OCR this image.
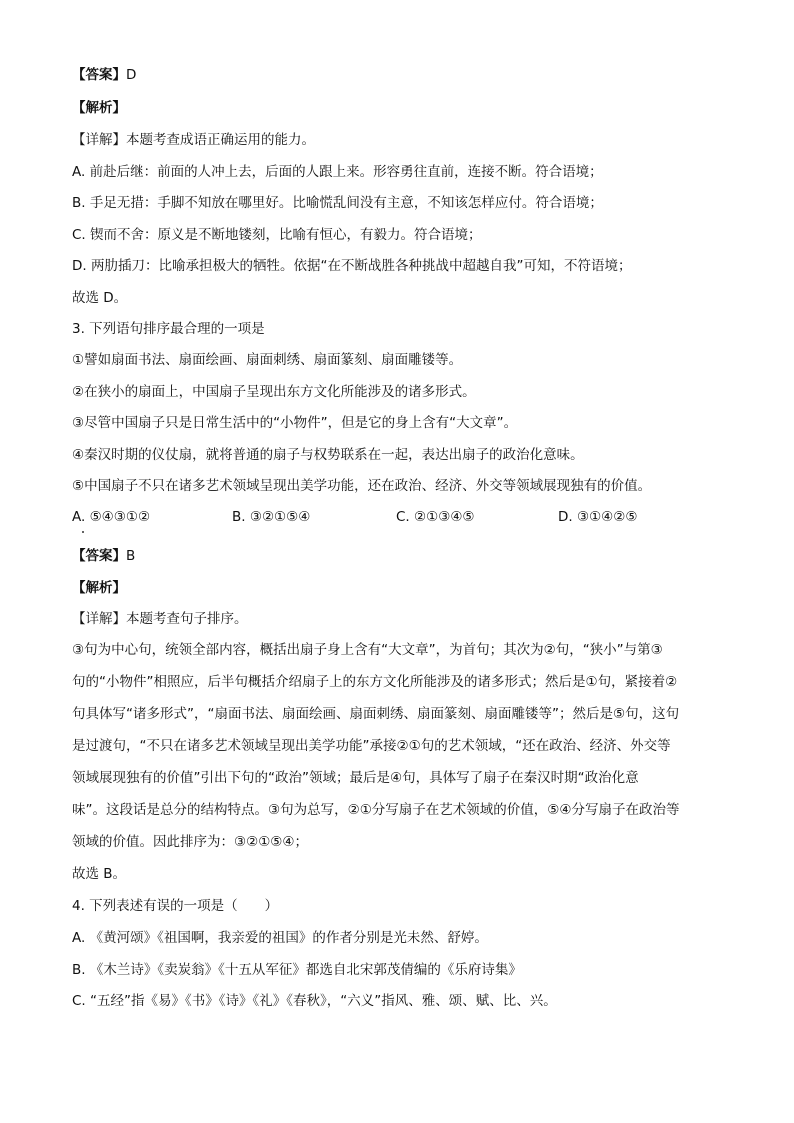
【答案】D
【解析】
【详解】本题考查成语正确运用的能力。
A. 前赴后继：前面的人冲上去，后面的人跟上来。形容勇往直前，连接不断。符合语境；
B. 手足无措：手脚不知放在哪里好。比喻慌乱间没有主意，不知该怎样应付。符合语境；
C. 锲而不舍：原义是不断地镂刻，比喻有恒心，有毅力。符合语境；
D. 两肋插刀：比喻承担极大的牺牲。依据“在不断战胜各种挑战中超越自我”可知，不符语境；
故选 D。
3. 下列语句排序最合理的一项是
①譬如扇面书法、扇面绘画、扇面刺绣、扇面篆刻、扇面雕镂等。
②在狭小的扇面上，中国扇子呈现出东方文化所能涉及的诸多形式。
③尽管中国扇子只是日常生活中的“小物件”，但是它的身上含有“大文章”。
④秦汉时期的仪仗扇，就将普通的扇子与权势联系在一起，表达出扇子的政治化意味。
⑤中国扇子不只在诸多艺术领域呈现出美学功能，还在政治、经济、外交等领域展现独有的价值。
A. ⑤④③①②	B. ③②①⑤④	C. ②①③④⑤	D. ③①④②⑤
【答案】B
【解析】
【详解】本题考查句子排序。
③句为中心句，统领全部内容，概括出扇子身上含有“大文章”，为首句；其次为②句，“狭小”与第③
句的“小物件”相照应，后半句概括介绍扇子上的东方文化所能涉及的诸多形式；然后是①句，紧接着②
句具体写“诸多形式”，“扇面书法、扇面绘画、扇面刺绣、扇面篆刻、扇面雕镂等”；然后是⑤句，这句
是过渡句，“不只在诸多艺术领域呈现出美学功能”承接②①句的艺术领域，“还在政治、经济、外交等
领域展现独有的价值”引出下句的“政治”领域；最后是④句，具体写了扇子在秦汉时期“政治化意
味”。这段话是总分的结构特点。③句为总写，②①分写扇子在艺术领域的价值，⑤④分写扇子在政治等
领域的价值。因此排序为：③②①⑤④；
故选 B。
4. 下列表述有误的一项是（　　）
A. 《黄河颂》《祖国啊，我亲爱的祖国》的作者分别是光未然、舒婷。
B. 《木兰诗》《卖炭翁》《十五从军征》都选自北宋郭茂倩编的《乐府诗集》
C. “五经”指《易》《书》《诗》《礼》《春秋》，“六义”指风、雅、颂、赋、比、兴。
